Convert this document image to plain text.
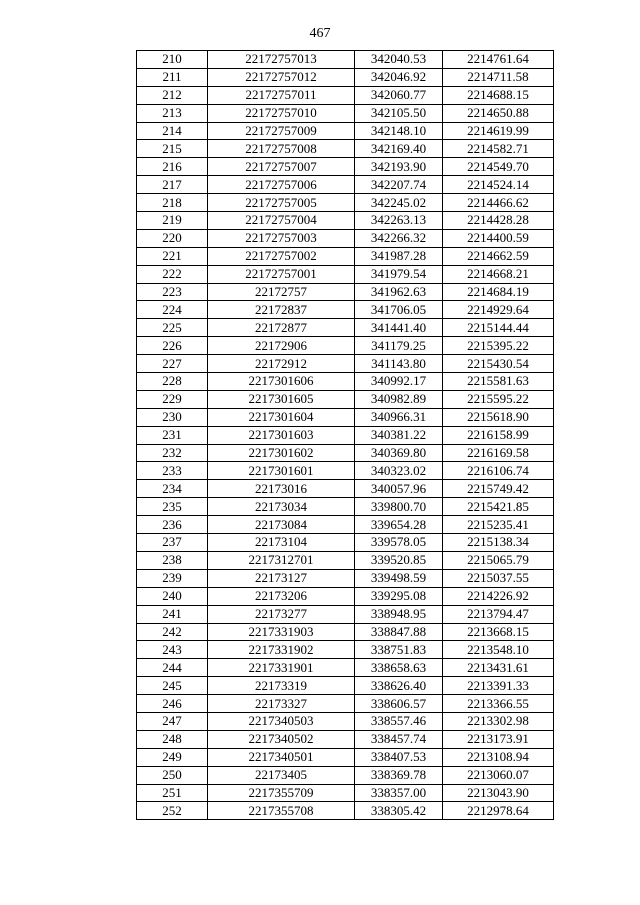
467
210	22172757013	342040.53	2214761.64
211	22172757012	342046.92	2214711.58
212	22172757011	342060.77	2214688.15
213	22172757010	342105.50	2214650.88
214	22172757009	342148.10	2214619.99
215	22172757008	342169.40	2214582.71
216	22172757007	342193.90	2214549.70
217	22172757006	342207.74	2214524.14
218	22172757005	342245.02	2214466.62
219	22172757004	342263.13	2214428.28
220	22172757003	342266.32	2214400.59
221	22172757002	341987.28	2214662.59
222	22172757001	341979.54	2214668.21
223	22172757	341962.63	2214684.19
224	22172837	341706.05	2214929.64
225	22172877	341441.40	2215144.44
226	22172906	341179.25	2215395.22
227	22172912	341143.80	2215430.54
228	2217301606	340992.17	2215581.63
229	2217301605	340982.89	2215595.22
230	2217301604	340966.31	2215618.90
231	2217301603	340381.22	2216158.99
232	2217301602	340369.80	2216169.58
233	2217301601	340323.02	2216106.74
234	22173016	340057.96	2215749.42
235	22173034	339800.70	2215421.85
236	22173084	339654.28	2215235.41
237	22173104	339578.05	2215138.34
238	2217312701	339520.85	2215065.79
239	22173127	339498.59	2215037.55
240	22173206	339295.08	2214226.92
241	22173277	338948.95	2213794.47
242	2217331903	338847.88	2213668.15
243	2217331902	338751.83	2213548.10
244	2217331901	338658.63	2213431.61
245	22173319	338626.40	2213391.33
246	22173327	338606.57	2213366.55
247	2217340503	338557.46	2213302.98
248	2217340502	338457.74	2213173.91
249	2217340501	338407.53	2213108.94
250	22173405	338369.78	2213060.07
251	2217355709	338357.00	2213043.90
252	2217355708	338305.42	2212978.64
